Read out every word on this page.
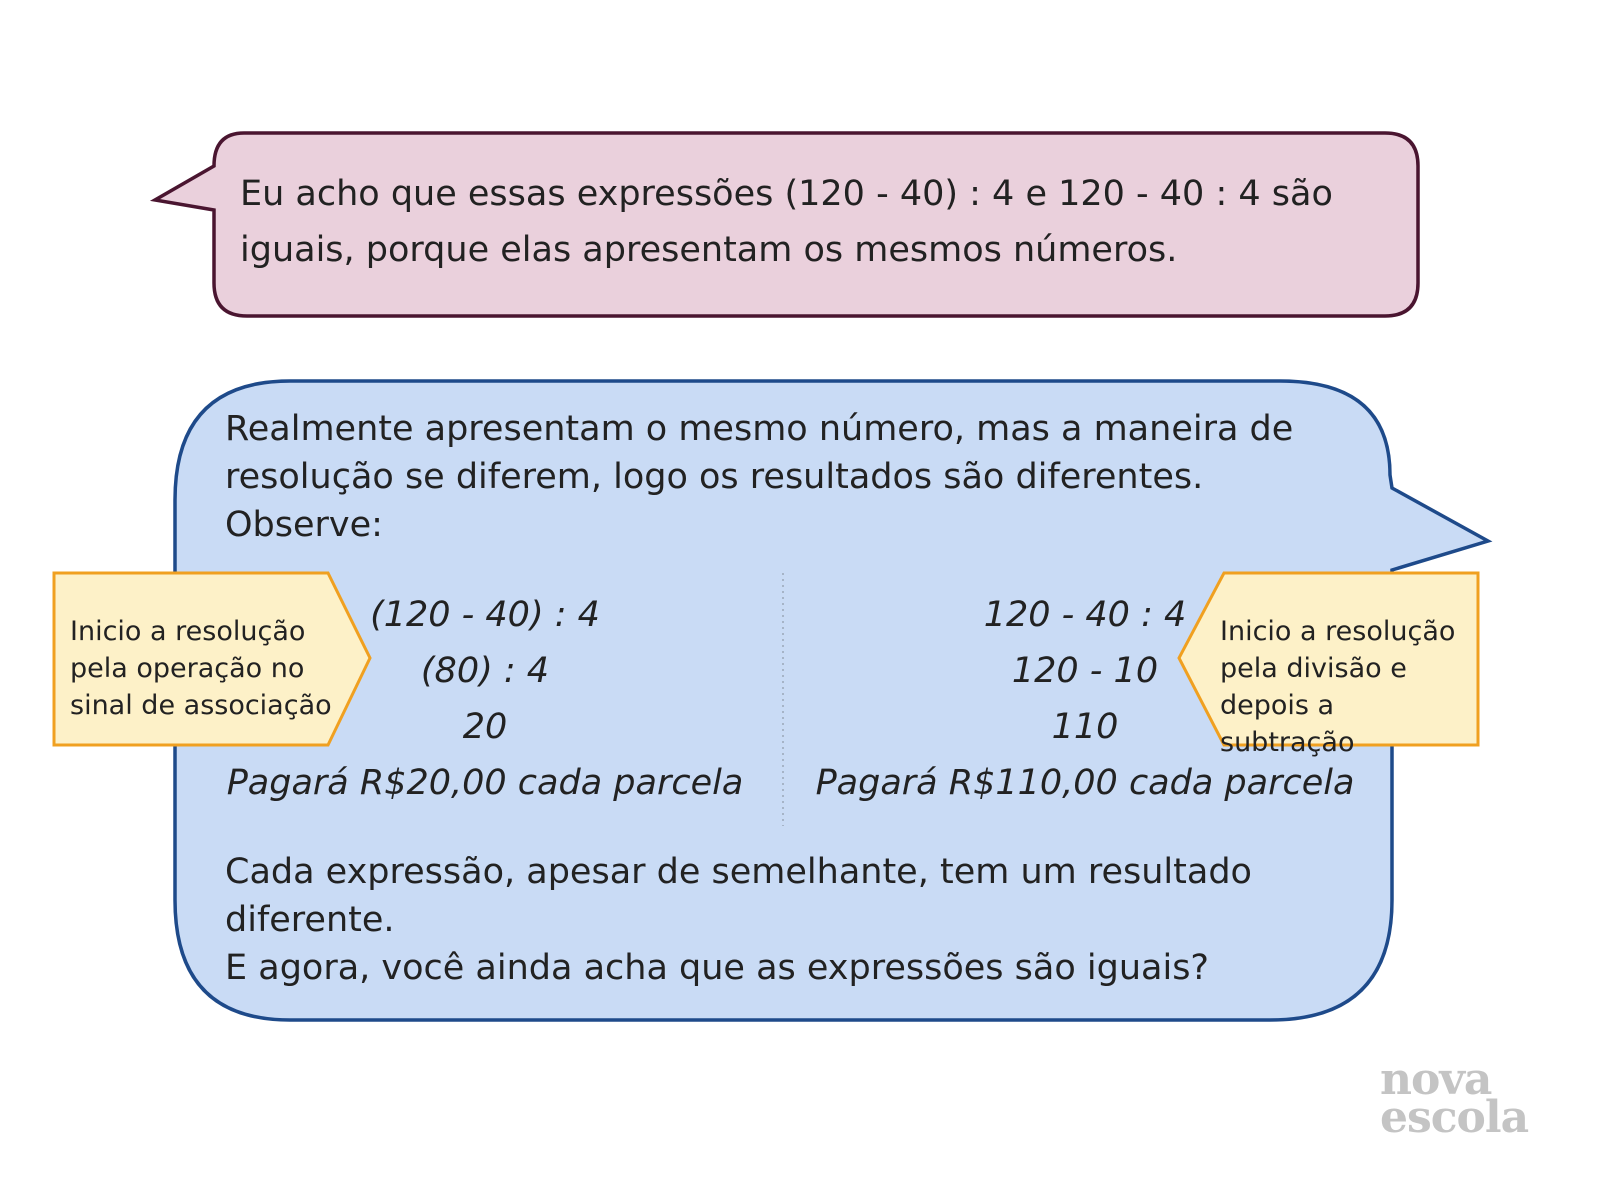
Eu acho que essas expressões (120 - 40) : 4 e 120 - 40 : 4 são iguais, porque elas apresentam os mesmos números.

Realmente apresentam o mesmo número, mas a maneira de resolução se diferem, logo os resultados são diferentes. Observe:

(120 - 40) : 4
(80) : 4
20
Pagará R$20,00 cada parcela
120 - 40 : 4
120 - 10
110
Pagará R$110,00 cada parcela
Cada expressão, apesar de semelhante, tem um resultado diferente.
E agora, você ainda acha que as expressões são iguais?

Inicio a resolução pela operação no sinal de associação

Inicio a resolução pela divisão e depois a subtração

nova
escola
